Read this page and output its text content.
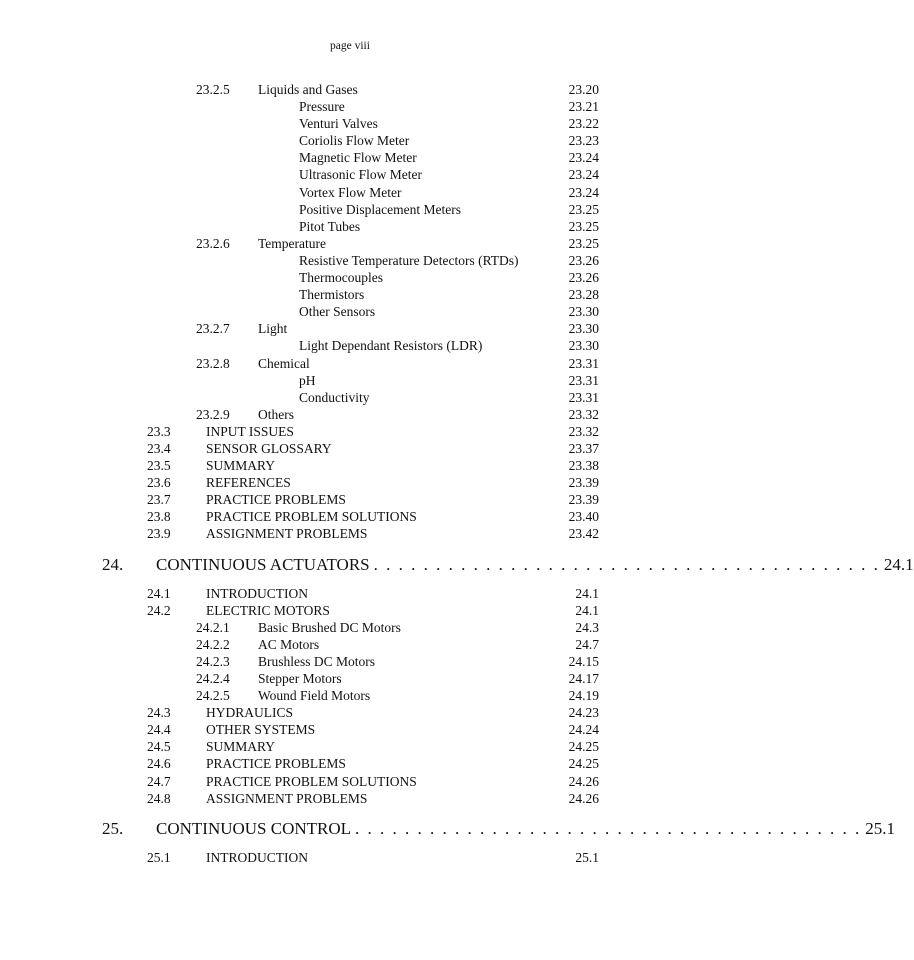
page viii
23.2.5 Liquids and Gases	23.20
Pressure	23.21
Venturi Valves	23.22
Coriolis Flow Meter	23.23
Magnetic Flow Meter	23.24
Ultrasonic Flow Meter	23.24
Vortex Flow Meter	23.24
Positive Displacement Meters	23.25
Pitot Tubes	23.25
23.2.6 Temperature	23.25
Resistive Temperature Detectors (RTDs)	23.26
Thermocouples	23.26
Thermistors	23.28
Other Sensors	23.30
23.2.7 Light	23.30
Light Dependant Resistors (LDR)	23.30
23.2.8 Chemical	23.31
pH	23.31
Conductivity	23.31
23.2.9 Others	23.32
23.3	INPUT ISSUES	23.32
23.4	SENSOR GLOSSARY	23.37
23.5	SUMMARY	23.38
23.6	REFERENCES	23.39
23.7	PRACTICE PROBLEMS	23.39
23.8	PRACTICE PROBLEM SOLUTIONS	23.40
23.9	ASSIGNMENT PROBLEMS	23.42
24. CONTINUOUS ACTUATORS . . . . . . . . . . . . . . . . . . . . . . . . . . . . . . . . . . . . . . . . . 24.1
24.1	INTRODUCTION	24.1
24.2	ELECTRIC MOTORS	24.1
24.2.1 Basic Brushed DC Motors	24.3
24.2.2 AC Motors	24.7
24.2.3 Brushless DC Motors	24.15
24.2.4 Stepper Motors	24.17
24.2.5 Wound Field Motors	24.19
24.3	HYDRAULICS	24.23
24.4	OTHER SYSTEMS	24.24
24.5	SUMMARY	24.25
24.6	PRACTICE PROBLEMS	24.25
24.7	PRACTICE PROBLEM SOLUTIONS	24.26
24.8	ASSIGNMENT PROBLEMS	24.26
25. CONTINUOUS CONTROL . . . . . . . . . . . . . . . . . . . . . . . . . . . . . . . . . . . . . . . . . 25.1
25.1	INTRODUCTION	25.1
